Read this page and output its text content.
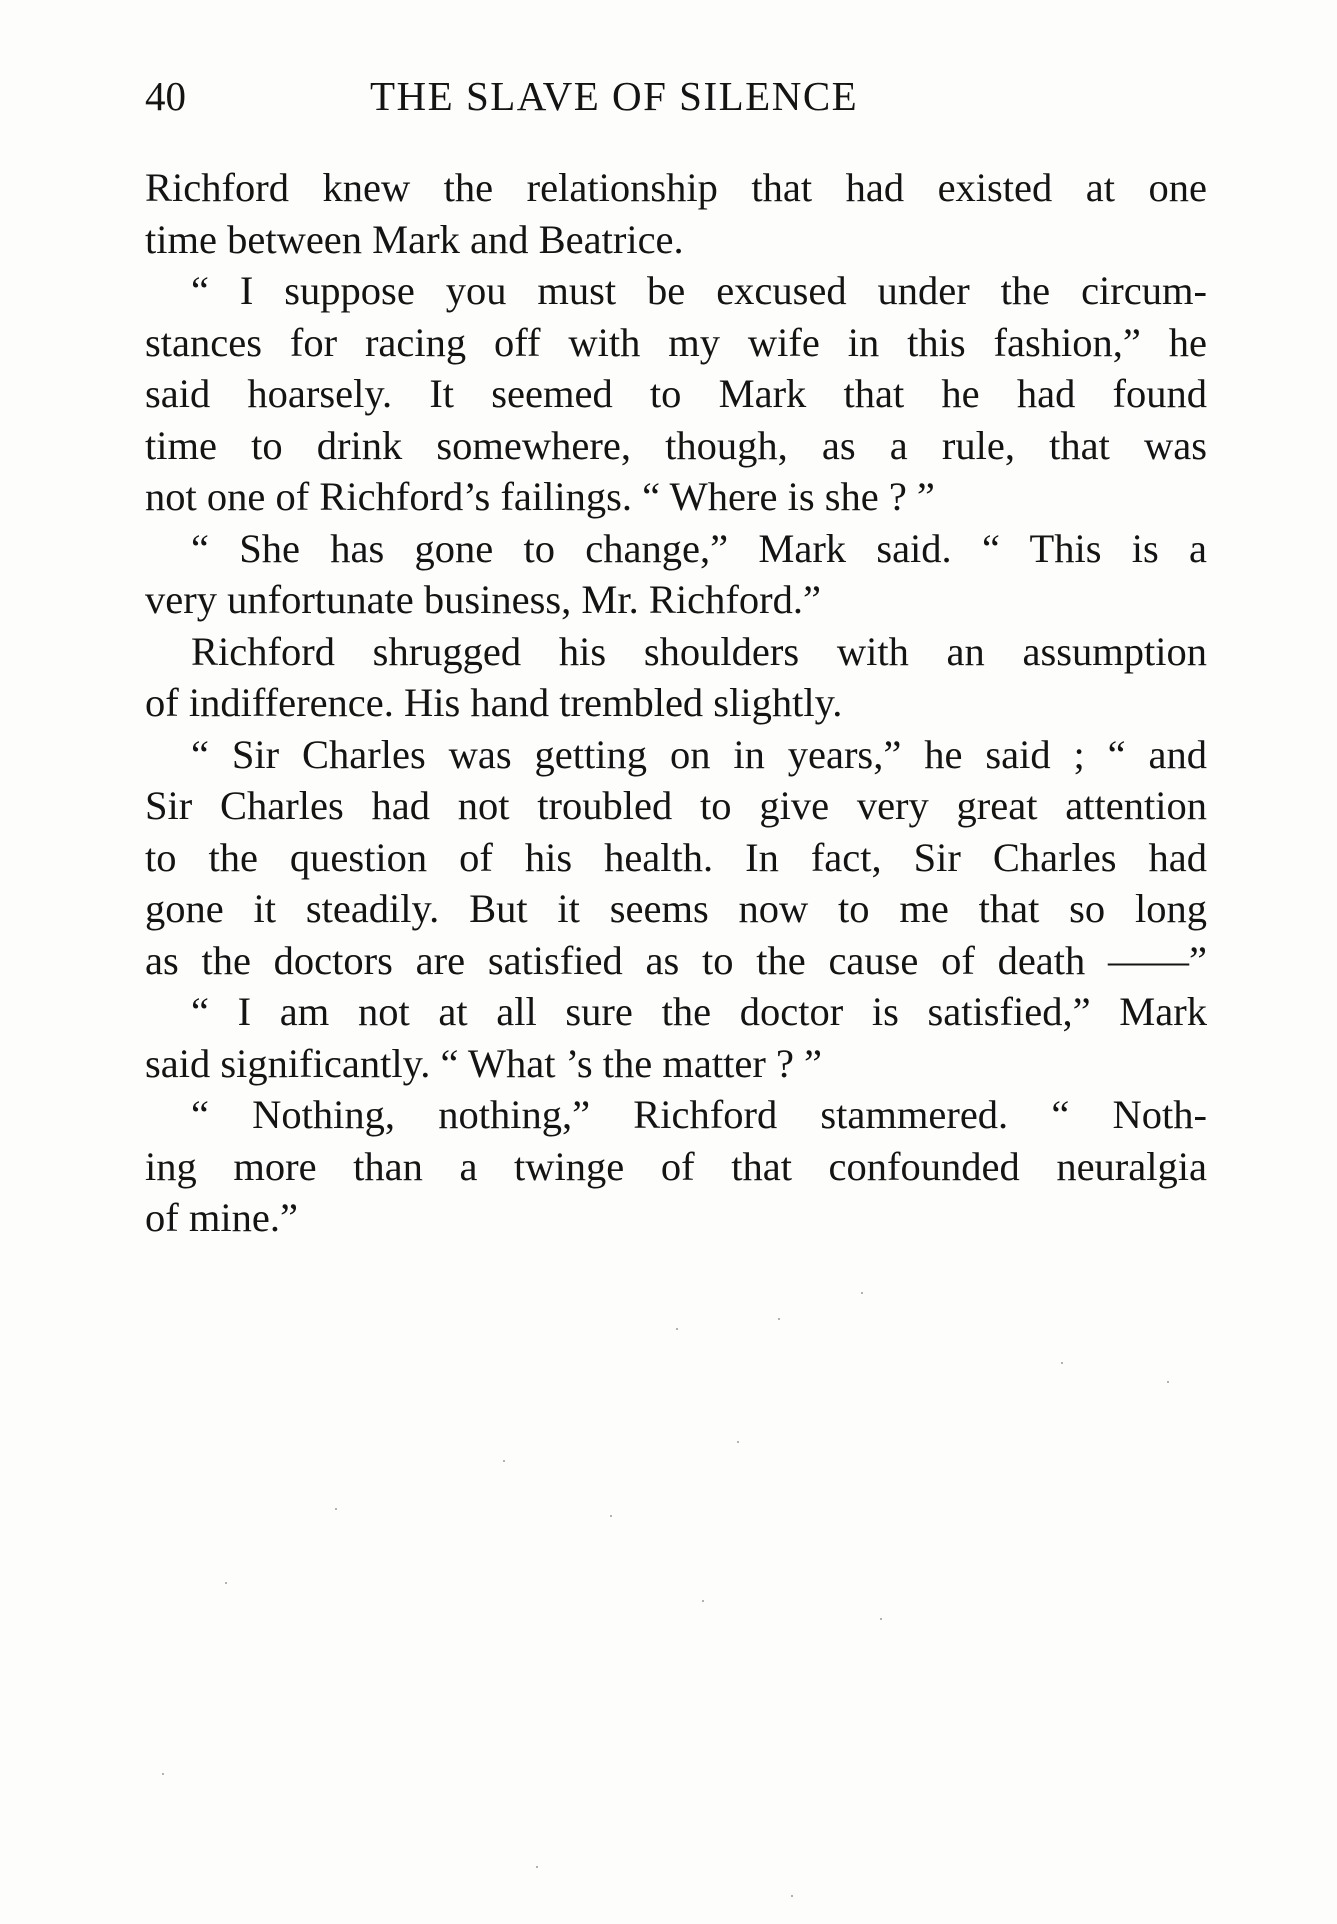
40	THE SLAVE OF SILENCE

Richford knew the relationship that had existed at one
time between Mark and Beatrice.

“ I suppose you must be excused under the circum-
stances for racing off with my wife in this fashion,” he
said hoarsely. It seemed to Mark that he had found
time to drink somewhere, though, as a rule, that was
not one of Richford’s failings. “ Where is she ? ”

“ She has gone to change,” Mark said. “ This is a
very unfortunate business, Mr. Richford.”

Richford shrugged his shoulders with an assumption
of indifference. His hand trembled slightly.

“ Sir Charles was getting on in years,” he said ; “ and
Sir Charles had not troubled to give very great attention
to the question of his health. In fact, Sir Charles had
gone it steadily. But it seems now to me that so long
as the doctors are satisfied as to the cause of death ——”

“ I am not at all sure the doctor is satisfied,” Mark
said significantly. “ What ’s the matter ? ”

“ Nothing, nothing,” Richford stammered. “ Noth-
ing more than a twinge of that confounded neuralgia
of mine.”
